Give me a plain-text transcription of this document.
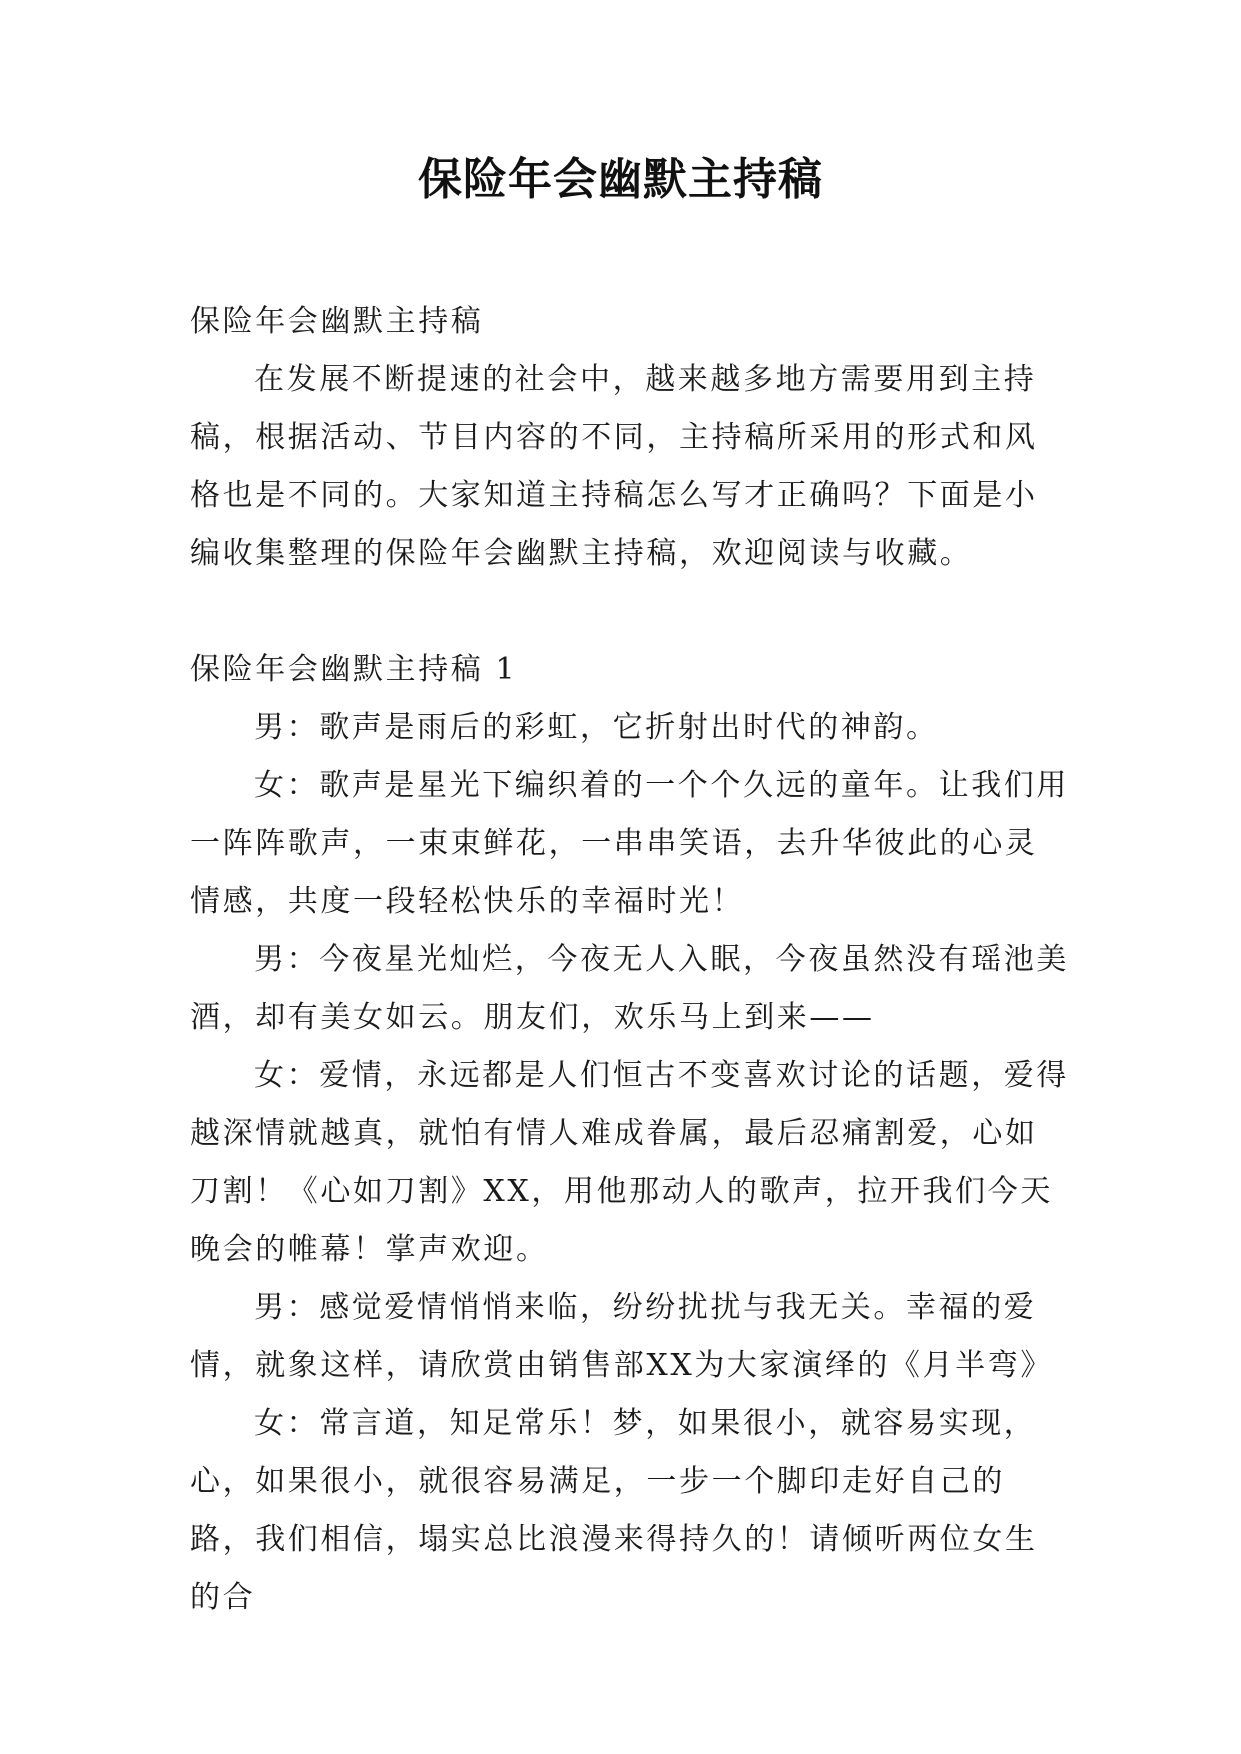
保险年会幽默主持稿

保险年会幽默主持稿

在发展不断提速的社会中，越来越多地方需要用到主持稿，根据活动、节目内容的不同，主持稿所采用的形式和风格也是不同的。大家知道主持稿怎么写才正确吗？下面是小编收集整理的保险年会幽默主持稿，欢迎阅读与收藏。

保险年会幽默主持稿 1

男：歌声是雨后的彩虹，它折射出时代的神韵。

女：歌声是星光下编织着的一个个久远的童年。让我们用一阵阵歌声，一束束鲜花，一串串笑语，去升华彼此的心灵情感，共度一段轻松快乐的幸福时光！

男：今夜星光灿烂，今夜无人入眠，今夜虽然没有瑶池美酒，却有美女如云。朋友们，欢乐马上到来——

女：爱情，永远都是人们恒古不变喜欢讨论的话题，爱得越深情就越真，就怕有情人难成眷属，最后忍痛割爱，心如刀割！《心如刀割》XX，用他那动人的歌声，拉开我们今天晚会的帷幕！掌声欢迎。

男：感觉爱情悄悄来临，纷纷扰扰与我无关。幸福的爱情，就象这样，请欣赏由销售部XX为大家演绎的《月半弯》

女：常言道，知足常乐！梦，如果很小，就容易实现，心，如果很小，就很容易满足，一步一个脚印走好自己的路，我们相信，塌实总比浪漫来得持久的！请倾听两位女生的合
